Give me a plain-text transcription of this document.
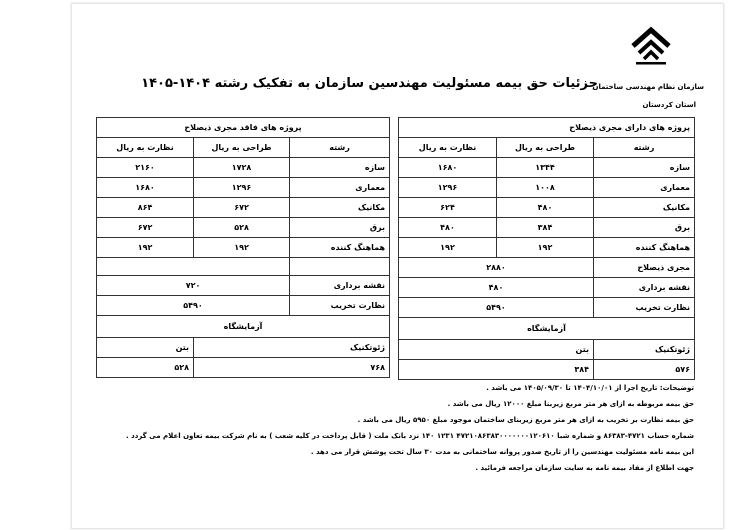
سازمان نظام مهندسی ساختمان
استان کردستان
جزئیات حق بیمه مسئولیت مهندسین سازمان به تفکیک رشته ۱۴۰۴-۱۴۰۵
پروژه های دارای مجری ذیصلاح		
رشته	طراحی به ریال	نظارت به ریال
سازه	۱۳۴۴	۱۶۸۰
معماری	۱۰۰۸	۱۲۹۶
مکانیک	۴۸۰	۶۲۴
برق	۳۸۴	۴۸۰
هماهنگ کننده	۱۹۲	۱۹۲
مجری ذیصلاح	۲۸۸۰	
نقشه برداری	۴۸۰	
نظارت تخریب	۵۴۹۰	
آزمایشگاه		
ژئوتکنیک	بتن	
۵۷۶	۳۸۴	
پروژه های فاقد مجری ذیصلاح		
رشته	طراحی به ریال	نظارت به ریال
سازه	۱۷۲۸	۲۱۶۰
معماری	۱۲۹۶	۱۶۸۰
مکانیک	۶۷۲	۸۶۴
برق	۵۲۸	۶۷۲
هماهنگ کننده	۱۹۲	۱۹۲

نقشه برداری	۷۲۰	
نظارت تخریب	۵۴۹۰	
آزمایشگاه		
ژئوتکنیک		بتن
۷۶۸		۵۲۸
توضیحات: تاریخ اجرا از ۱۴۰۴/۱۰/۰۱ تا ۱۴۰۵/۰۹/۳۰ می باشد .
حق بیمه مربوطه به ازای هر متر مربع زیربنا مبلغ ۱۲۰۰۰ ریال می باشد .
حق بیمه نظارت بر تخریب به ازای هر متر مربع زیربنای ساختمان موجود مبلغ ۵۹۵۰ ریال می باشد .
شماره حساب ۴۷۲۱-۸۶۳۸۳ و شماره شبا ۴۷۲۱۰۸۶۳۸۳۰۰۰۰۰۰۰۱۲۰۶۱۰ ۱۲۳۱ ۱۴۰ نزد بانک ملت ( قابل پرداخت در کلیه شعب ) به نام شرکت بیمه تعاون اعلام می گردد .
این بیمه نامه مسئولیت مهندسین را از تاریخ صدور پروانه ساختمانی به مدت ۳۰ سال تحت پوشش قرار می دهد .
جهت اطلاع از مفاد بیمه نامه به سایت سازمان مراجعه فرمائید .
